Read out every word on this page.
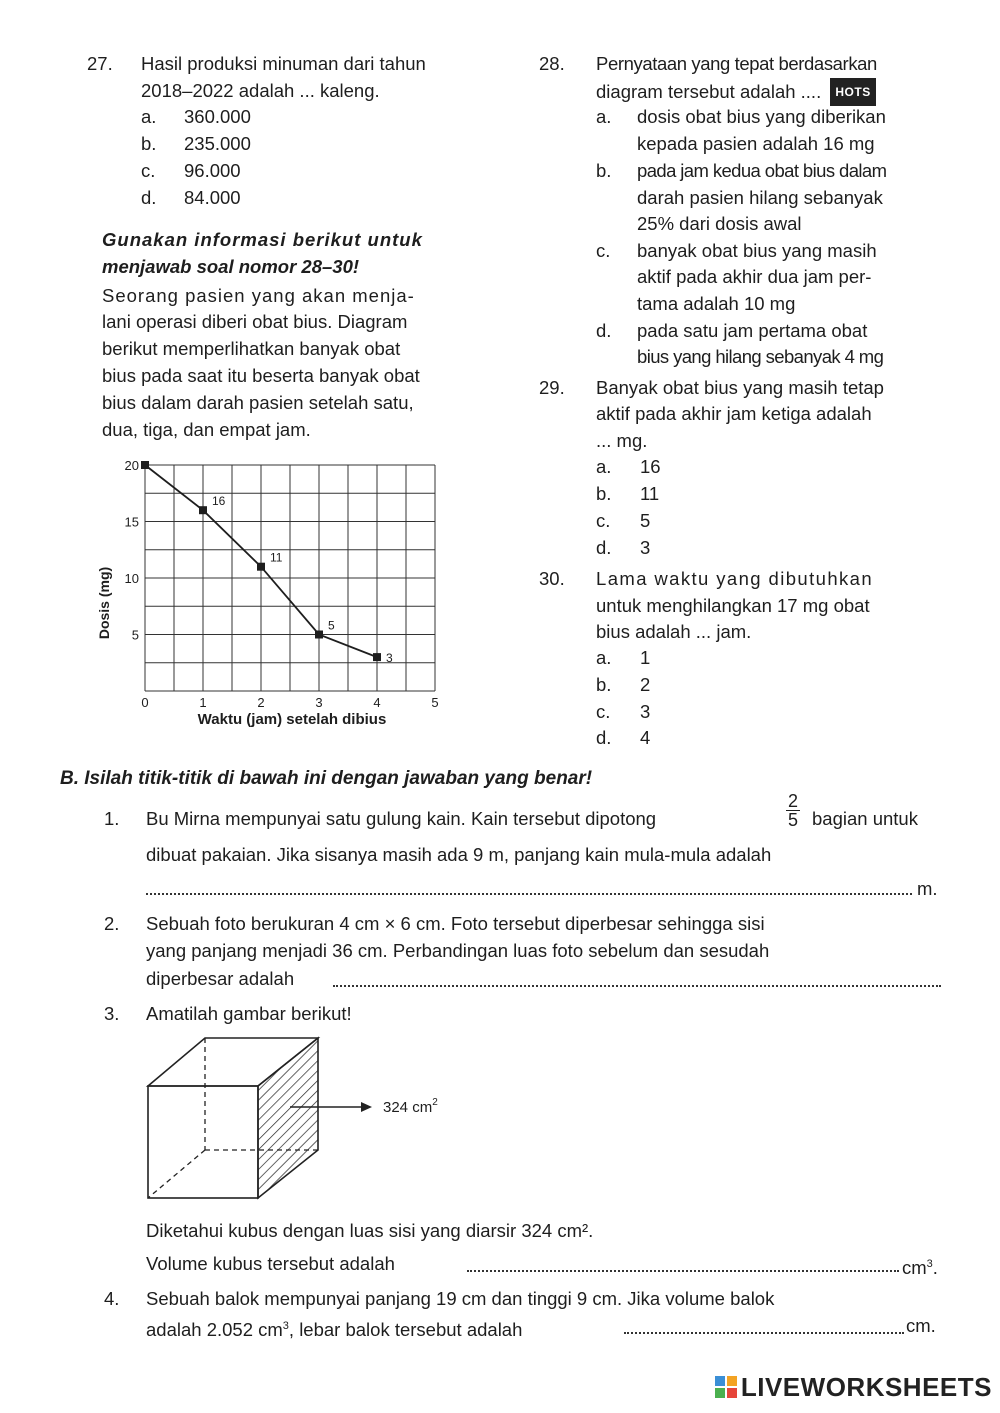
27. Hasil produksi minuman dari tahun
2018–2022 adalah ... kaleng.
a. 360.000
b. 235.000
c. 96.000
d. 84.000
Gunakan informasi berikut untuk
menjawab soal nomor 28–30!
Seorang pasien yang akan menja-
lani operasi diberi obat bius. Diagram
berikut memperlihatkan banyak obat
bius pada saat itu beserta banyak obat
bius dalam darah pasien setelah satu,
dua, tiga, dan empat jam.
0	1	2	3	4	5
5
10
15
20
16
11
5
3
Dosis (mg)
Waktu (jam) setelah dibius
28. Pernyataan yang tepat berdasarkan
diagram tersebut adalah .... HOTS
a. dosis obat bius yang diberikan
kepada pasien adalah 16 mg
b. pada jam kedua obat bius dalam
darah pasien hilang sebanyak
25% dari dosis awal
c. banyak obat bius yang masih
aktif pada akhir dua jam per-
tama adalah 10 mg
d. pada satu jam pertama obat
bius yang hilang sebanyak 4 mg
29. Banyak obat bius yang masih tetap
aktif pada akhir jam ketiga adalah
... mg.
a. 16
b. 11
c. 5
d. 3
30. Lama waktu yang dibutuhkan
untuk menghilangkan 17 mg obat
bius adalah ... jam.
a. 1
b. 2
c. 3
d. 4
B. Isilah titik-titik di bawah ini dengan jawaban yang benar!
1. Bu Mirna mempunyai satu gulung kain. Kain tersebut dipotong	$\frac{2}{5}$ bagian untuk
dibuat pakaian. Jika sisanya masih ada 9 m, panjang kain mula-mula adalah
m.
2. Sebuah foto berukuran 4 cm × 6 cm. Foto tersebut diperbesar sehingga sisi
yang panjang menjadi 36 cm. Perbandingan luas foto sebelum dan sesudah
diperbesar adalah
3. Amatilah gambar berikut!
324 $cm^2$
Diketahui kubus dengan luas sisi yang diarsir 324 cm².
Volume kubus tersebut adalah	$cm^3$.
4. Sebuah balok mempunyai panjang 19 cm dan tinggi 9 cm. Jika volume balok
adalah 2.052 $cm^3$, lebar balok tersebut adalah	cm.
LIVEWORKSHEETS
